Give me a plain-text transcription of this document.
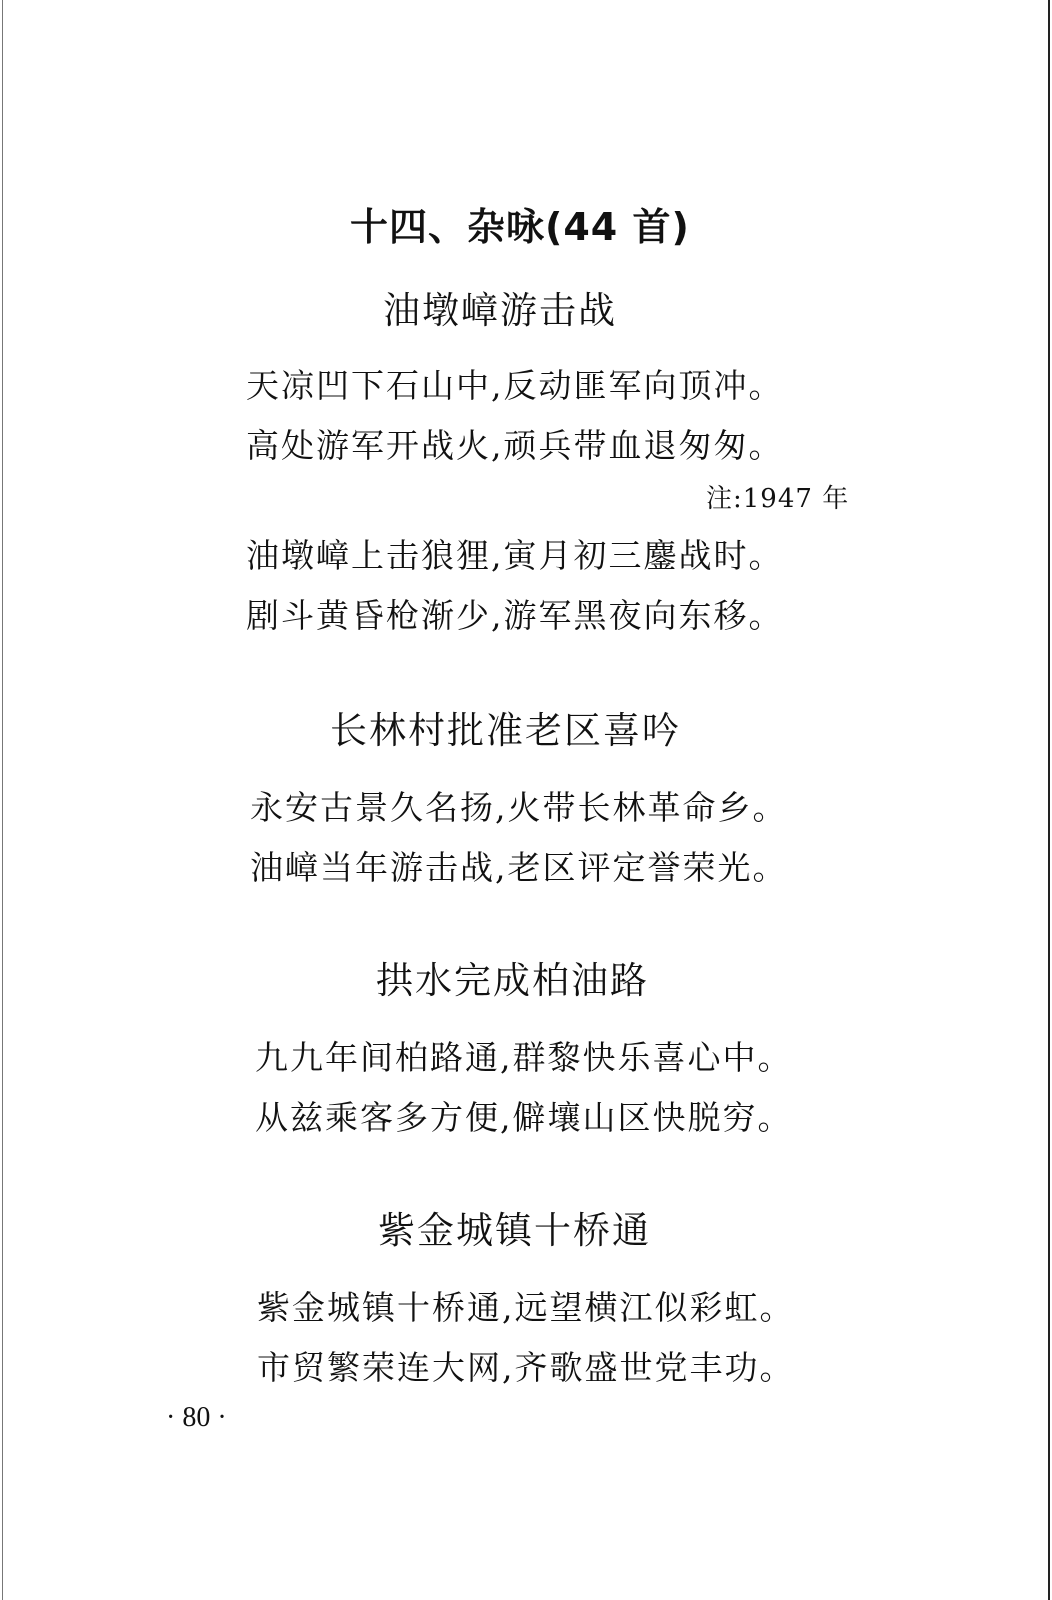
十四、杂咏(44 首)
油墩嶂游击战
天凉凹下石山中,反动匪军向顶冲。
高处游军开战火,顽兵带血退匆匆。
注:1947 年
油墩嶂上击狼狸,寅月初三鏖战时。
剧斗黄昏枪渐少,游军黑夜向东移。
长林村批准老区喜吟
永安古景久名扬,火带长林革命乡。
油嶂当年游击战,老区评定誉荣光。
拱水完成柏油路
九九年间柏路通,群黎快乐喜心中。
从兹乘客多方便,僻壤山区快脱穷。
紫金城镇十桥通
紫金城镇十桥通,远望横江似彩虹。
市贸繁荣连大网,齐歌盛世党丰功。
· 80 ·
